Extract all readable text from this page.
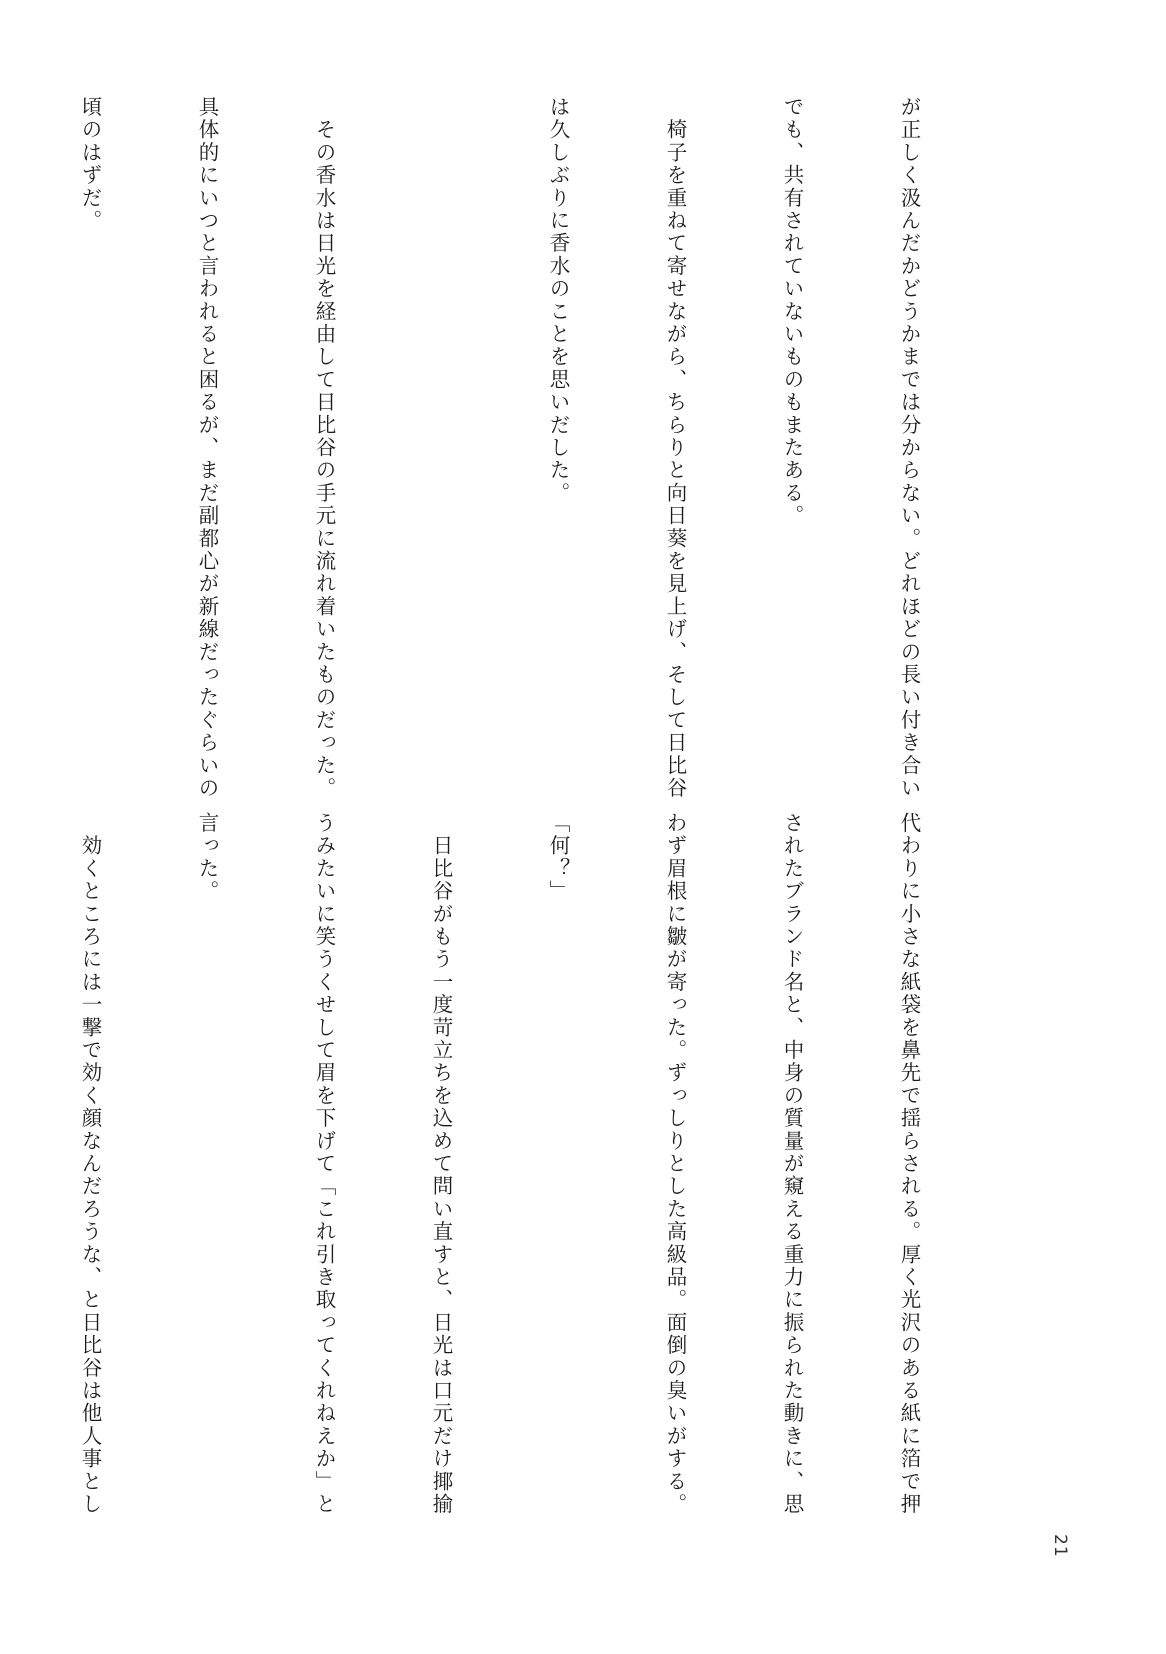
が正しく汲んだかどうかまでは分からない。どれほどの長い付き合い

でも、共有されていないものもまたある。

　椅子を重ねて寄せながら、ちらりと向日葵を見上げ、そして日比谷

は久しぶりに香水のことを思いだした。

　その香水は日光を経由して日比谷の手元に流れ着いたものだった。

具体的にいつと言われると困るが、まだ副都心が新線だったぐらいの

頃のはずだ。

代わりに小さな紙袋を鼻先で揺らされる。厚く光沢のある紙に箔で押

されたブランド名と、中身の質量が窺える重力に振られた動きに、思

わず眉根に皺が寄った。ずっしりとした高級品。面倒の臭いがする。

「何？」

　日比谷がもう一度苛立ちを込めて問い直すと、日光は口元だけ揶揄

うみたいに笑うくせして眉を下げて「これ引き取ってくれねえか」と

言った。

　効くところには一撃で効く顔なんだろうな、と日比谷は他人事とし

21
